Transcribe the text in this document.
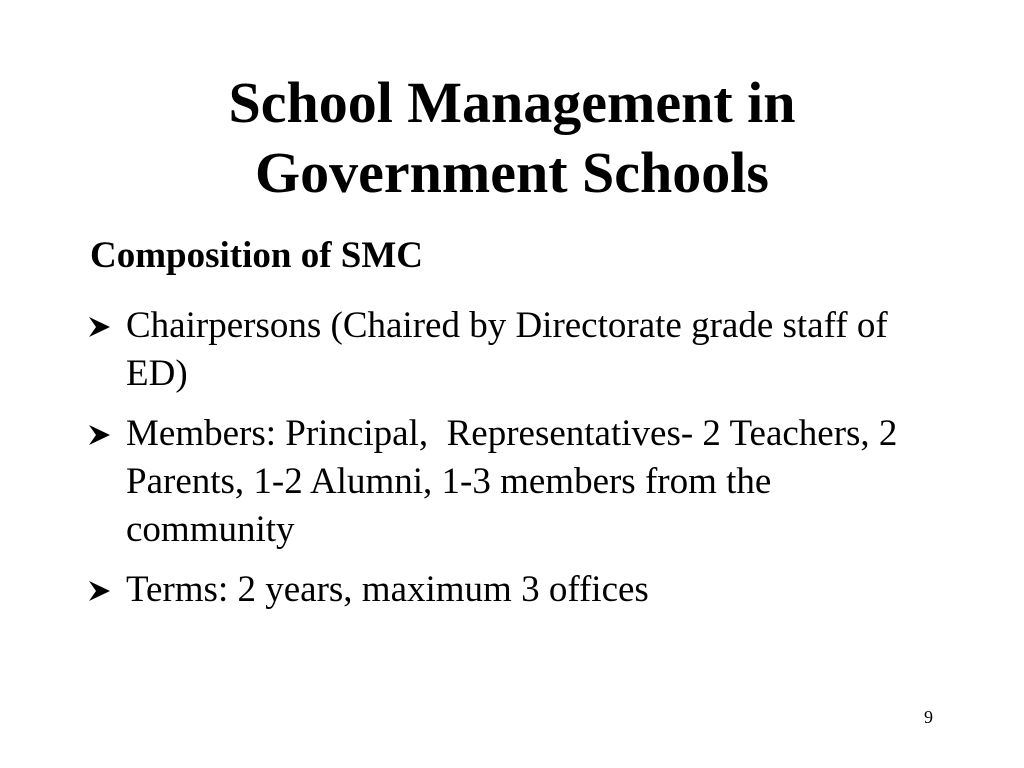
School Management in
Government Schools
Composition of SMC
Chairpersons (Chaired by Directorate grade staff of ED)
Members: Principal,  Representatives- 2 Teachers, 2 Parents, 1-2 Alumni, 1-3 members from the community
Terms: 2 years, maximum 3 offices
9
